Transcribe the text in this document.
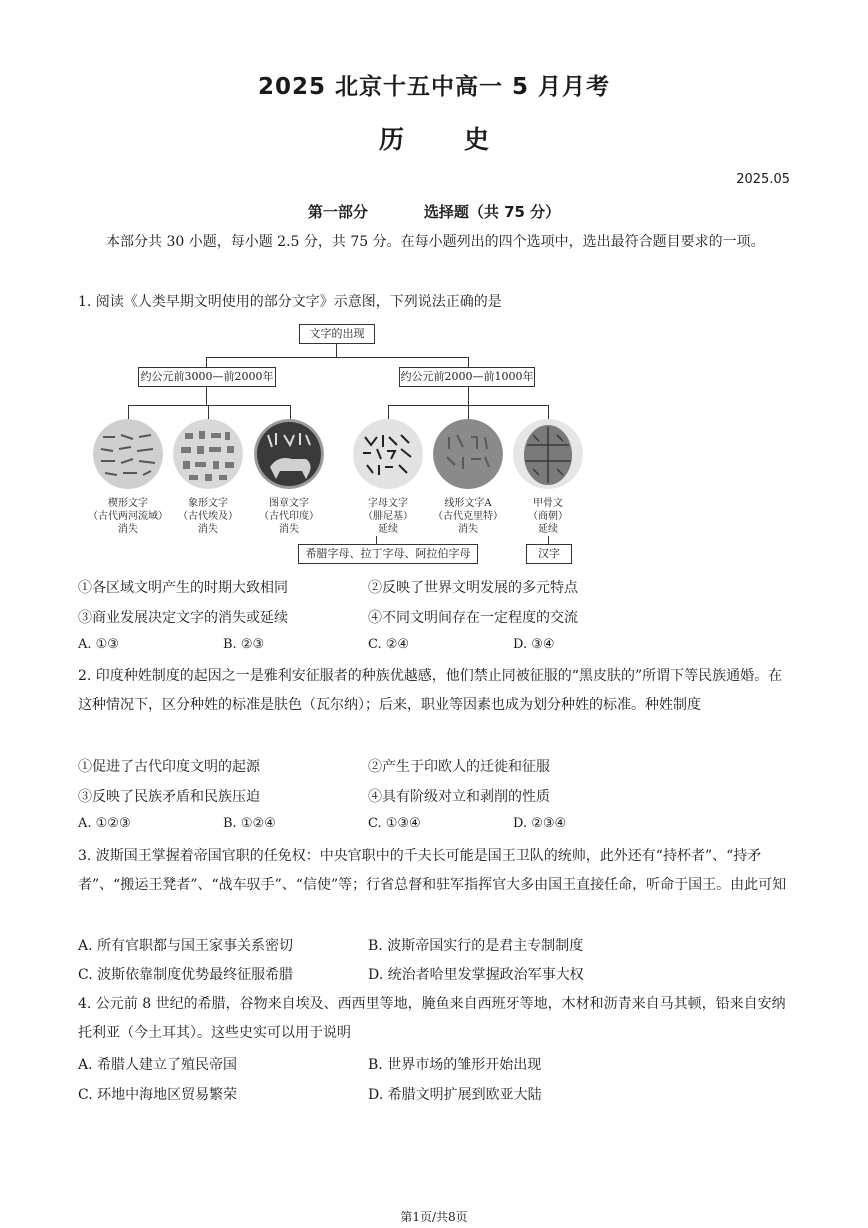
2025 北京十五中高一 5 月月考
历 史
2025.05
第一部分	选择题（共 75 分）
本部分共 30 小题，每小题 2.5 分，共 75 分。在每小题列出的四个选项中，选出最符合题目要求的一项。
1. 阅读《人类早期文明使用的部分文字》示意图，下列说法正确的是
文字的出现
约公元前3000—前2000年	约公元前2000—前1000年
楔形文字
（古代两河流域）
消失
象形文字
（古代埃及）
消失
图章文字
（古代印度）
消失
字母文字
（腓尼基）
延续
线形文字A
（古代克里特）
消失
甲骨文
（商朝）
延续
希腊字母、拉丁字母、阿拉伯字母	汉字
①各区域文明产生的时期大致相同	②反映了世界文明发展的多元特点
③商业发展决定文字的消失或延续	④不同文明间存在一定程度的交流
A. ①③	B. ②③	C. ②④	D. ③④
2. 印度种姓制度的起因之一是雅利安征服者的种族优越感，他们禁止同被征服的“黑皮肤的”所谓下等民族通婚。在这种情况下，区分种姓的标准是肤色（瓦尔纳）；后来，职业等因素也成为划分种姓的标准。种姓制度
①促进了古代印度文明的起源	②产生于印欧人的迁徙和征服
③反映了民族矛盾和民族压迫	④具有阶级对立和剥削的性质
A. ①②③	B. ①②④	C. ①③④	D. ②③④
3. 波斯国王掌握着帝国官职的任免权：中央官职中的千夫长可能是国王卫队的统帅，此外还有“持杯者”、“持矛者”、“搬运王凳者”、“战车驭手”、“信使”等；行省总督和驻军指挥官大多由国王直接任命，听命于国王。由此可知
A. 所有官职都与国王家事关系密切	B. 波斯帝国实行的是君主专制制度
C. 波斯依靠制度优势最终征服希腊	D. 统治者哈里发掌握政治军事大权
4. 公元前 8 世纪的希腊，谷物来自埃及、西西里等地，腌鱼来自西班牙等地，木材和沥青来自马其顿，铅来自安纳托利亚（今土耳其）。这些史实可以用于说明
A. 希腊人建立了殖民帝国	B. 世界市场的雏形开始出现
C. 环地中海地区贸易繁荣	D. 希腊文明扩展到欧亚大陆
第1页/共8页
